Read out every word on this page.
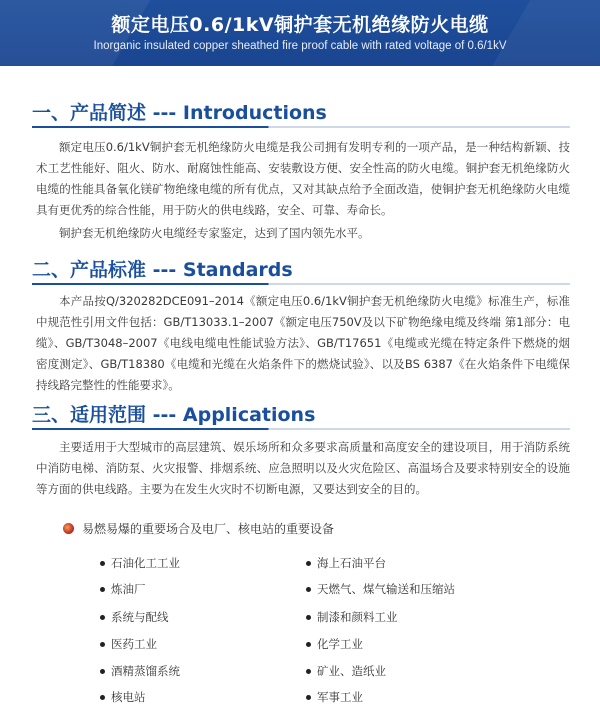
额定电压0.6/1kV铜护套无机绝缘防火电缆
Inorganic insulated copper sheathed fire proof cable with rated voltage of 0.6/1kV
一、产品简述 --- Introductions

额定电压0.6/1kV铜护套无机绝缘防火电缆是我公司拥有发明专利的一项产品，是一种结构新颖、技术工艺性能好、阻火、防水、耐腐蚀性能高、安装敷设方便、安全性高的防火电缆。铜护套无机绝缘防火电缆的性能具备氧化镁矿物绝缘电缆的所有优点，又对其缺点给予全面改造，使铜护套无机绝缘防火电缆具有更优秀的综合性能，用于防火的供电线路，安全、可靠、寿命长。

铜护套无机绝缘防火电缆经专家鉴定，达到了国内领先水平。

二、产品标准 --- Standards

本产品按Q/320282DCE091–2014《额定电压0.6/1kV铜护套无机绝缘防火电缆》标准生产，标准中规范性引用文件包括：GB/T13033.1–2007《额定电压750V及以下矿物绝缘电缆及终端 第1部分：电缆》、GB/T3048–2007《电线电缆电性能试验方法》、GB/T17651《电缆或光缆在特定条件下燃烧的烟密度测定》、GB/T18380《电缆和光缆在火焰条件下的燃烧试验》、以及BS 6387《在火焰条件下电缆保持线路完整性的性能要求》。

三、适用范围 --- Applications

主要适用于大型城市的高层建筑、娱乐场所和众多要求高质量和高度安全的建设项目，用于消防系统中消防电梯、消防泵、火灾报警、排烟系统、应急照明以及火灾危险区、高温场合及要求特别安全的设施等方面的供电线路。主要为在发生火灾时不切断电源，又要达到安全的目的。

易燃易爆的重要场合及电厂、核电站的重要设备
石油化工工业
炼油厂
系统与配线
医药工业
酒精蒸馏系统
核电站
海上石油平台
天燃气、煤气输送和压缩站
制漆和颜料工业
化学工业
矿业、造纸业
军事工业
